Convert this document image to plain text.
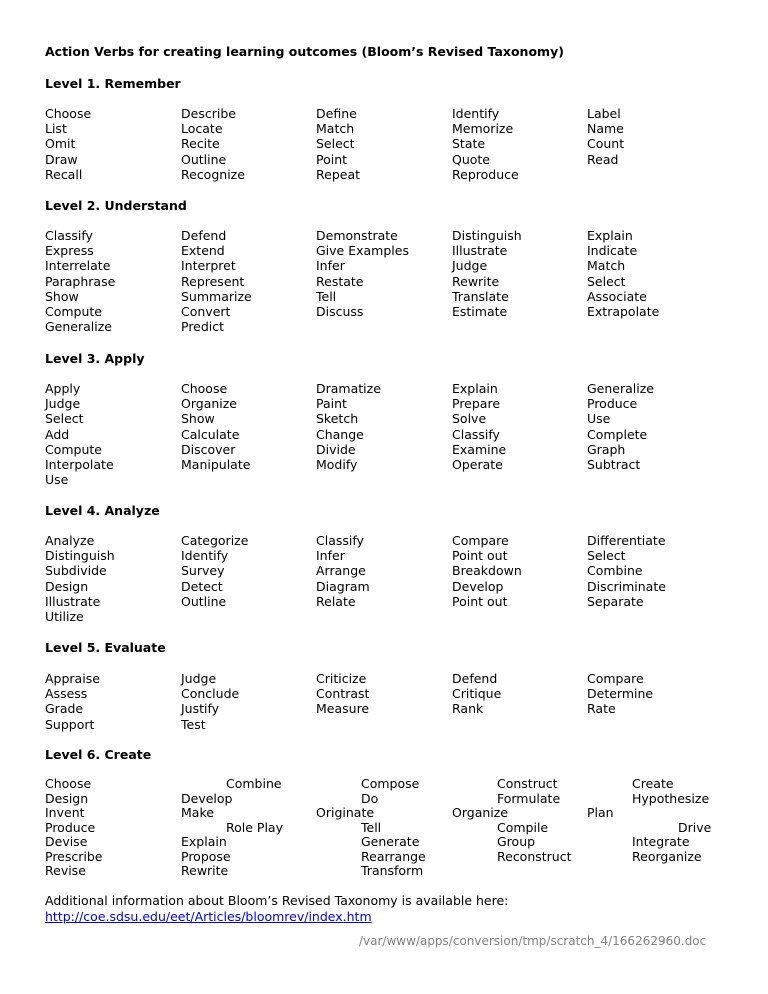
Action Verbs for creating learning outcomes (Bloom’s Revised Taxonomy)
Level 1. Remember
Choose	Describe	Define	Identify	Label
List	Locate	Match	Memorize	Name
Omit	Recite	Select	State	Count
Draw	Outline	Point	Quote	Read
Recall	Recognize	Repeat	Reproduce
Level 2. Understand
Classify	Defend	Demonstrate	Distinguish	Explain
Express	Extend	Give Examples	Illustrate	Indicate
Interrelate	Interpret	Infer	Judge	Match
Paraphrase	Represent	Restate	Rewrite	Select
Show	Summarize	Tell	Translate	Associate
Compute	Convert	Discuss	Estimate	Extrapolate
Generalize	Predict
Level 3. Apply
Apply	Choose	Dramatize	Explain	Generalize
Judge	Organize	Paint	Prepare	Produce
Select	Show	Sketch	Solve	Use
Add	Calculate	Change	Classify	Complete
Compute	Discover	Divide	Examine	Graph
Interpolate	Manipulate	Modify	Operate	Subtract
Use
Level 4. Analyze
Analyze	Categorize	Classify	Compare	Differentiate
Distinguish	Identify	Infer	Point out	Select
Subdivide	Survey	Arrange	Breakdown	Combine
Design	Detect	Diagram	Develop	Discriminate
Illustrate	Outline	Relate	Point out	Separate
Utilize
Level 5. Evaluate
Appraise	Judge	Criticize	Defend	Compare
Assess	Conclude	Contrast	Critique	Determine
Grade	Justify	Measure	Rank	Rate
Support	Test
Level 6. Create
Choose	Combine	Compose	Construct	Create
Design	Develop	Do	Formulate	Hypothesize
Invent	Make	Originate	Organize	Plan
Produce	Role Play	Tell	Compile	Drive
Devise	Explain	Generate	Group	Integrate
Prescribe	Propose	Rearrange	Reconstruct	Reorganize
Revise	Rewrite	Transform
Additional information about Bloom’s Revised Taxonomy is available here:
http://coe.sdsu.edu/eet/Articles/bloomrev/index.htm
/var/www/apps/conversion/tmp/scratch_4/166262960.doc
